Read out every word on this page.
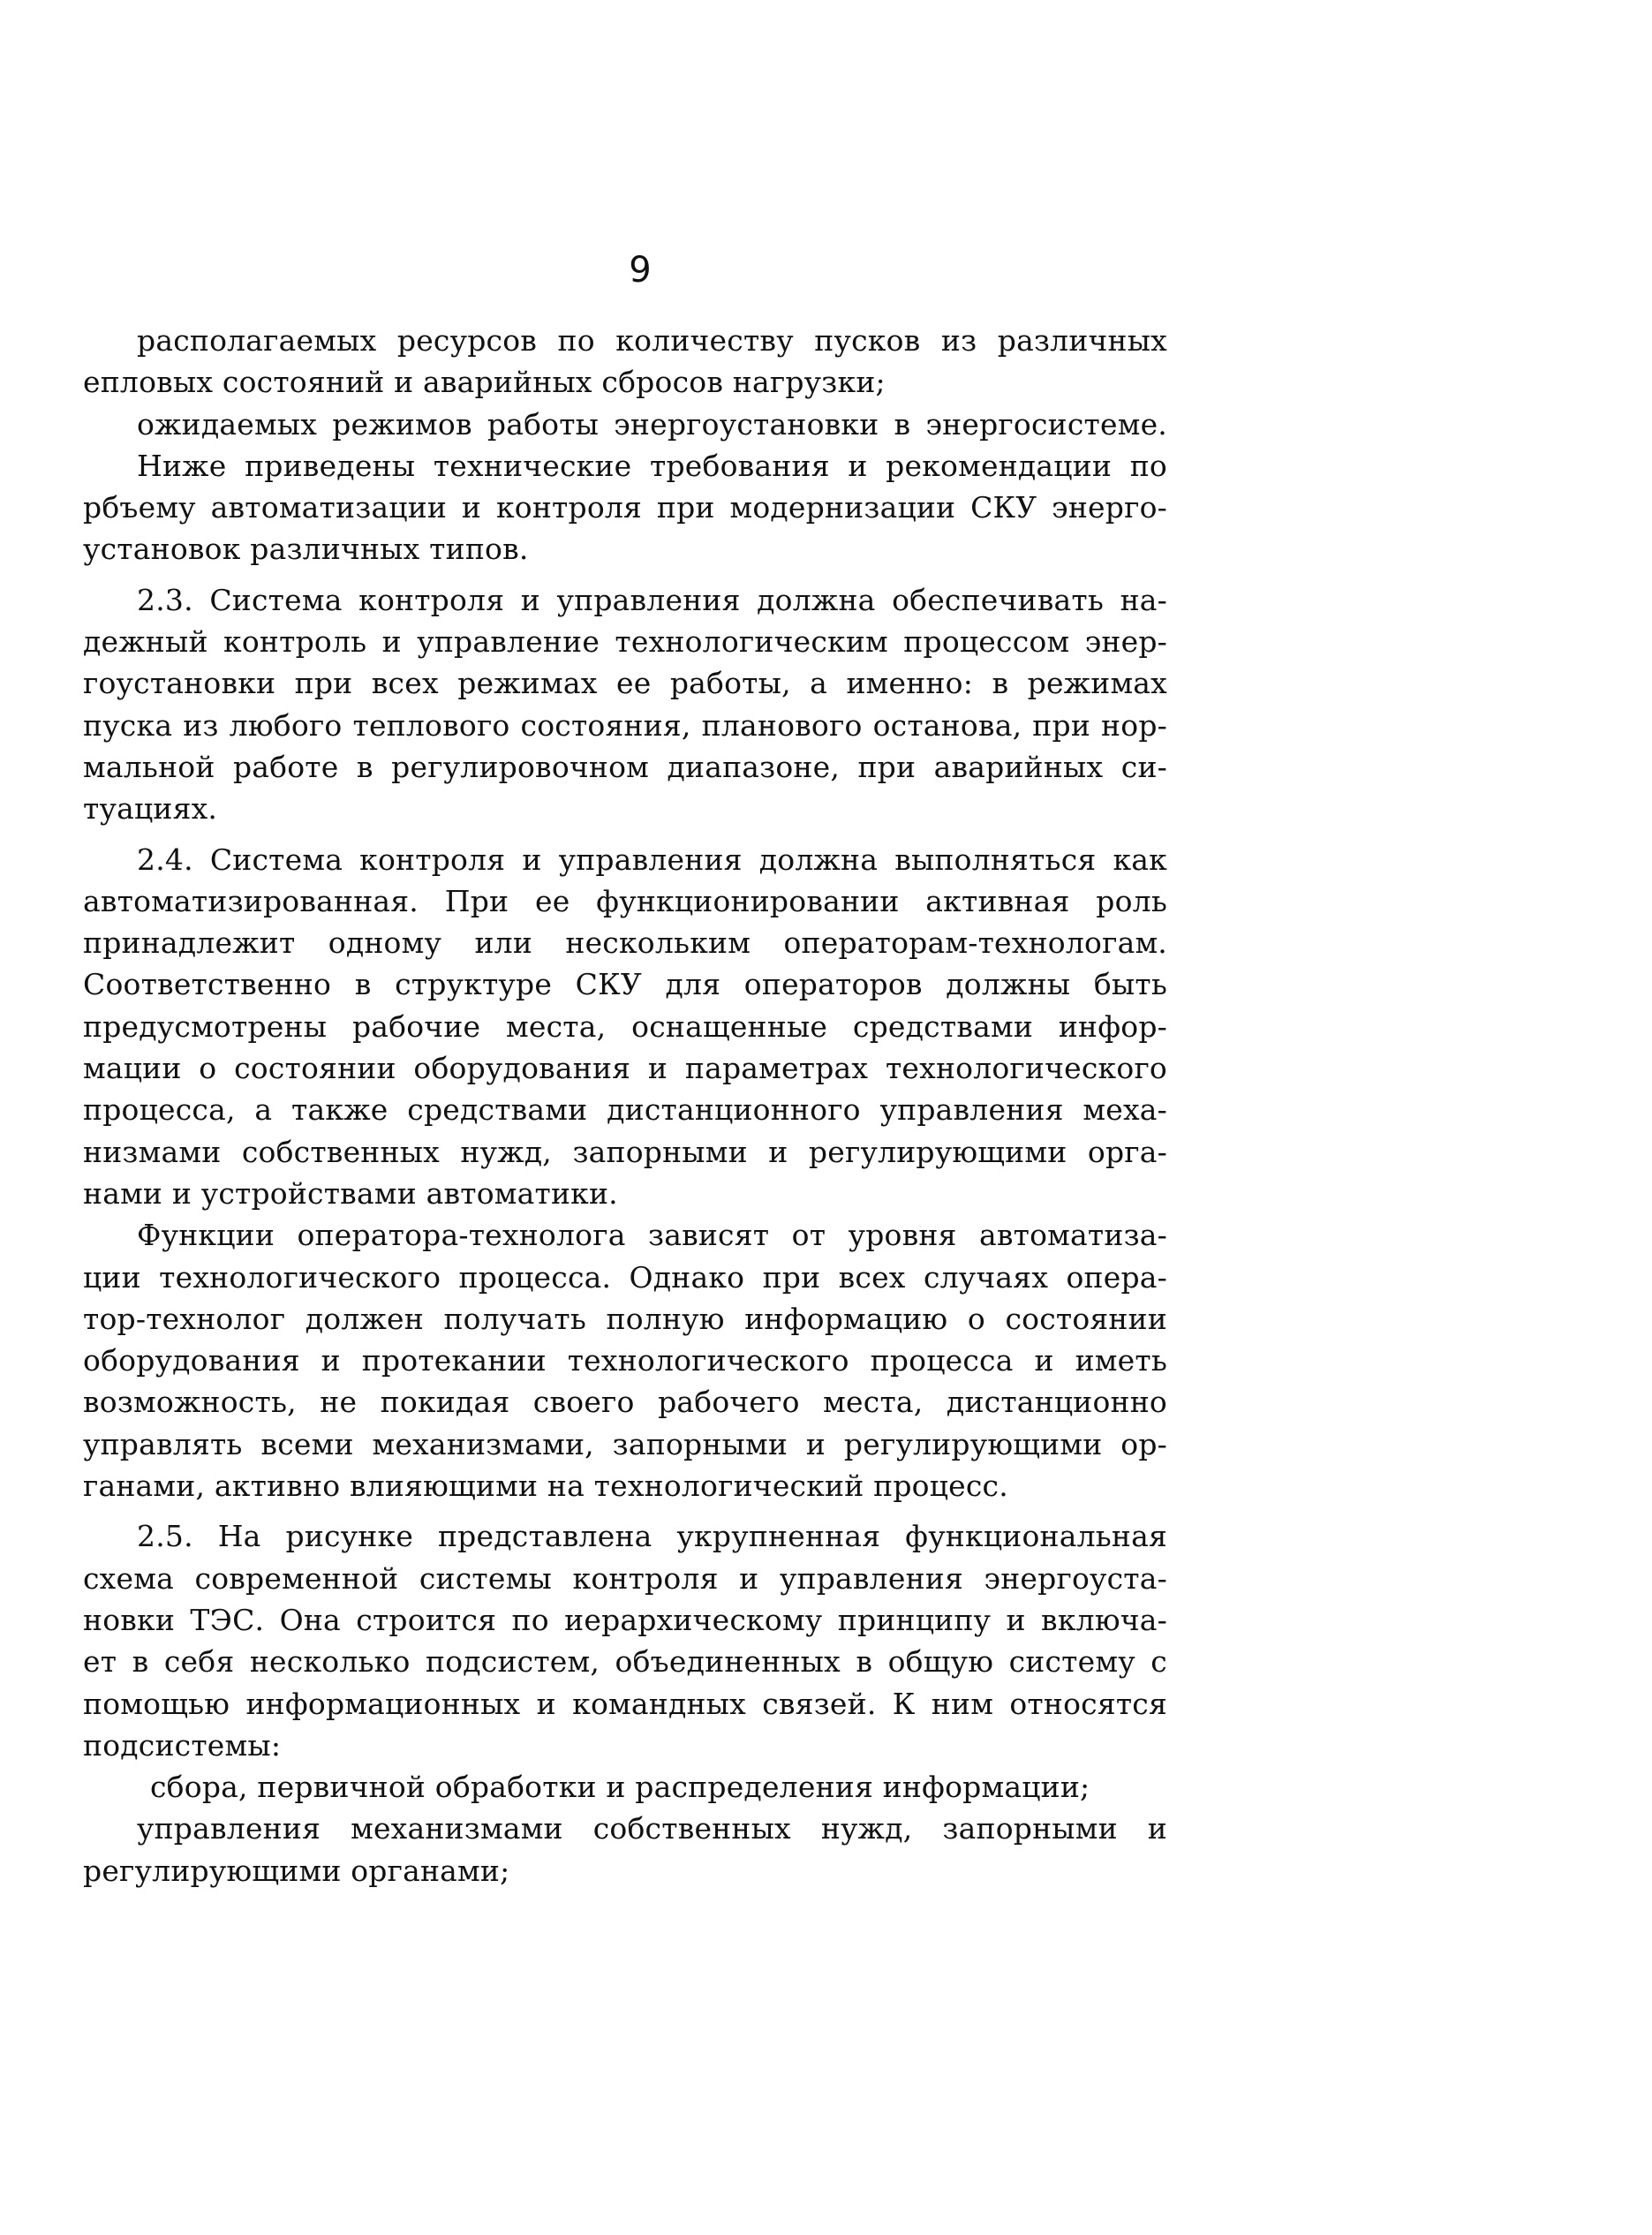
9
располагаемых ресурсов по количеству пусков из различных
епловых состояний и аварийных сбросов нагрузки;
ожидаемых режимов работы энергоустановки в энергосистеме.
Ниже приведены технические требования и рекомендации по
рбъему автоматизации и контроля при модернизации СКУ энерго-
установок различных типов.
2.3. Система контроля и управления должна обеспечивать на-
дежный контроль и управление технологическим процессом энер-
гоустановки при всех режимах ее работы, а именно: в режимах
пуска из любого теплового состояния, планового останова, при нор-
мальной работе в регулировочном диапазоне, при аварийных си-
туациях.
2.4. Система контроля и управления должна выполняться как
автоматизированная. При ее функционировании активная роль
принадлежит одному или нескольким операторам-технологам.
Соответственно в структуре СКУ для операторов должны быть
предусмотрены рабочие места, оснащенные средствами инфор-
мации о состоянии оборудования и параметрах технологического
процесса, а также средствами дистанционного управления меха-
низмами собственных нужд, запорными и регулирующими орга-
нами и устройствами автоматики.
Функции оператора-технолога зависят от уровня автоматиза-
ции технологического процесса. Однако при всех случаях опера-
тор-технолог должен получать полную информацию о состоянии
оборудования и протекании технологического процесса и иметь
возможность, не покидая своего рабочего места, дистанционно
управлять всеми механизмами, запорными и регулирующими ор-
ганами, активно влияющими на технологический процесс.
2.5. На рисунке представлена укрупненная функциональная
схема современной системы контроля и управления энергоуста-
новки ТЭС. Она строится по иерархическому принципу и включа-
ет в себя несколько подсистем, объединенных в общую систему с
помощью информационных и командных связей. К ним относятся
подсистемы:
сбора, первичной обработки и распределения информации;
управления механизмами собственных нужд, запорными и
регулирующими органами;
